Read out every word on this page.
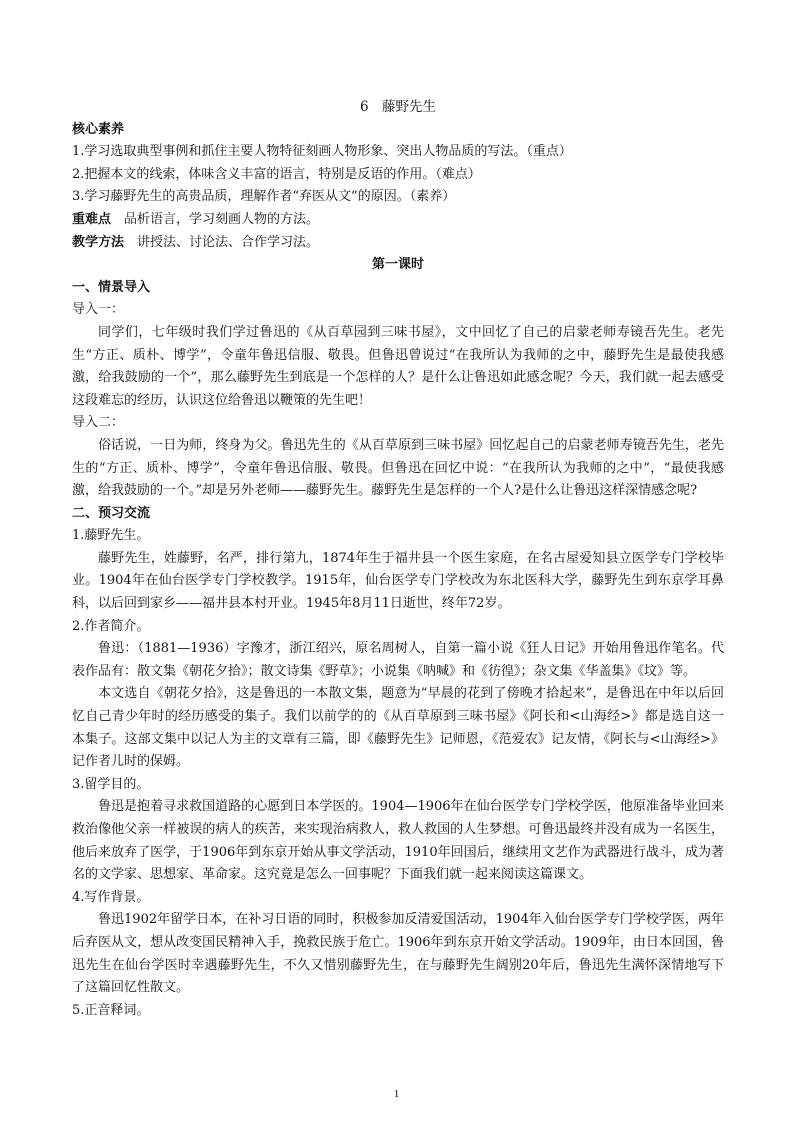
6　藤野先生

核心素养

1.学习选取典型事例和抓住主要人物特征刻画人物形象、突出人物品质的写法。（重点）

2.把握本文的线索，体味含义丰富的语言，特别是反语的作用。（难点）

3.学习藤野先生的高贵品质，理解作者“弃医从文”的原因。（素养）

重难点　品析语言，学习刻画人物的方法。

教学方法　讲授法、讨论法、合作学习法。

第一课时

一、情景导入

导入一：

同学们，七年级时我们学过鲁迅的《从百草园到三味书屋》，文中回忆了自己的启蒙老师寿镜吾先生。老先生“方正、质朴、博学”，令童年鲁迅信服、敬畏。但鲁迅曾说过“在我所认为我师的之中，藤野先生是最使我感激，给我鼓励的一个”，那么藤野先生到底是一个怎样的人？是什么让鲁迅如此感念呢？今天，我们就一起去感受这段难忘的经历，认识这位给鲁迅以鞭策的先生吧！

导入二：

俗话说，一日为师，终身为父。鲁迅先生的《从百草原到三味书屋》回忆起自己的启蒙老师寿镜吾先生，老先生的“方正、质朴、博学”，令童年鲁迅信服、敬畏。但鲁迅在回忆中说：“在我所认为我师的之中”，“最使我感激，给我鼓励的一个。”却是另外老师——藤野先生。藤野先生是怎样的一个人?是什么让鲁迅这样深情感念呢?

二、预习交流

1.藤野先生。

藤野先生，姓藤野，名严，排行第九，1874年生于福井县一个医生家庭，在名古屋爱知县立医学专门学校毕业。1904年在仙台医学专门学校教学。1915年，仙台医学专门学校改为东北医科大学，藤野先生到东京学耳鼻科，以后回到家乡——福井县本村开业。1945年8月11日逝世，终年72岁。

2.作者简介。

鲁迅：（1881—1936）字豫才，浙江绍兴，原名周树人，自第一篇小说《狂人日记》开始用鲁迅作笔名。代表作品有：散文集《朝花夕拾》；散文诗集《野草》；小说集《呐喊》和《彷徨》；杂文集《华盖集》《坟》等。

本文选自《朝花夕拾》，这是鲁迅的一本散文集，题意为“早晨的花到了傍晚才拾起来”，是鲁迅在中年以后回忆自己青少年时的经历感受的集子。我们以前学的的《从百草原到三味书屋》《阿长和<山海经>》都是选自这一本集子。这部文集中以记人为主的文章有三篇，即《藤野先生》记师恩，《范爱农》记友情，《阿长与<山海经>》记作者儿时的保姆。

3.留学目的。

鲁迅是抱着寻求救国道路的心愿到日本学医的。1904—1906年在仙台医学专门学校学医，他原准备毕业回来救治像他父亲一样被误的病人的疾苦，来实现治病救人，救人救国的人生梦想。可鲁迅最终并没有成为一名医生，他后来放弃了医学，于1906年到东京开始从事文学活动，1910年回国后，继续用文艺作为武器进行战斗，成为著名的文学家、思想家、革命家。这究竟是怎么一回事呢？下面我们就一起来阅读这篇课文。

4.写作背景。

鲁迅1902年留学日本，在补习日语的同时，积极参加反清爱国活动，1904年入仙台医学专门学校学医，两年后弃医从文，想从改变国民精神入手，挽救民族于危亡。1906年到东京开始文学活动。1909年，由日本回国，鲁迅先生在仙台学医时幸遇藤野先生，不久又惜别藤野先生，在与藤野先生阔别20年后，鲁迅先生满怀深情地写下了这篇回忆性散文。

5.正音释词。

1
